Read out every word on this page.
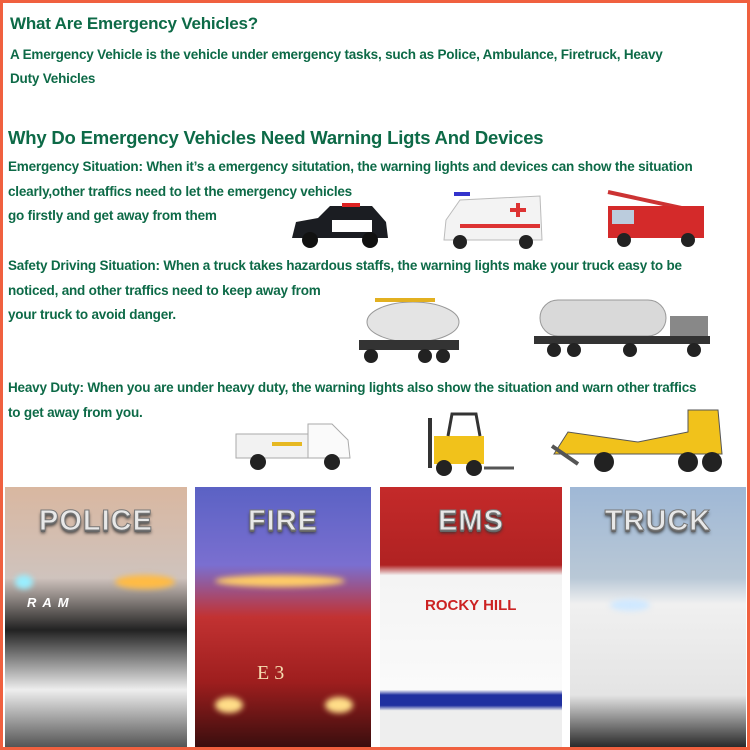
What Are Emergency Vehicles?
A Emergency Vehicle is the vehicle under emergency tasks, such as Police, Ambulance, Firetruck, Heavy
Duty Vehicles
Why Do Emergency Vehicles Need Warning Ligts And Devices
Emergency Situation: When it’s a emergency situtation, the warning lights and devices can show the situation
clearly,other traffics need to let the emergency vehicles
go firstly and get away from them
Safety Driving Situation: When a truck takes hazardous staffs, the warning lights make your truck easy to be
noticed, and other traffics need to keep away from
your truck to avoid danger.
Heavy Duty: When you are under heavy duty, the warning lights also show the situation and warn other traffics
to get away from you.
RAM
POLICE
E 3
FIRE
ROCKY HILL
EMS	TRUCK
